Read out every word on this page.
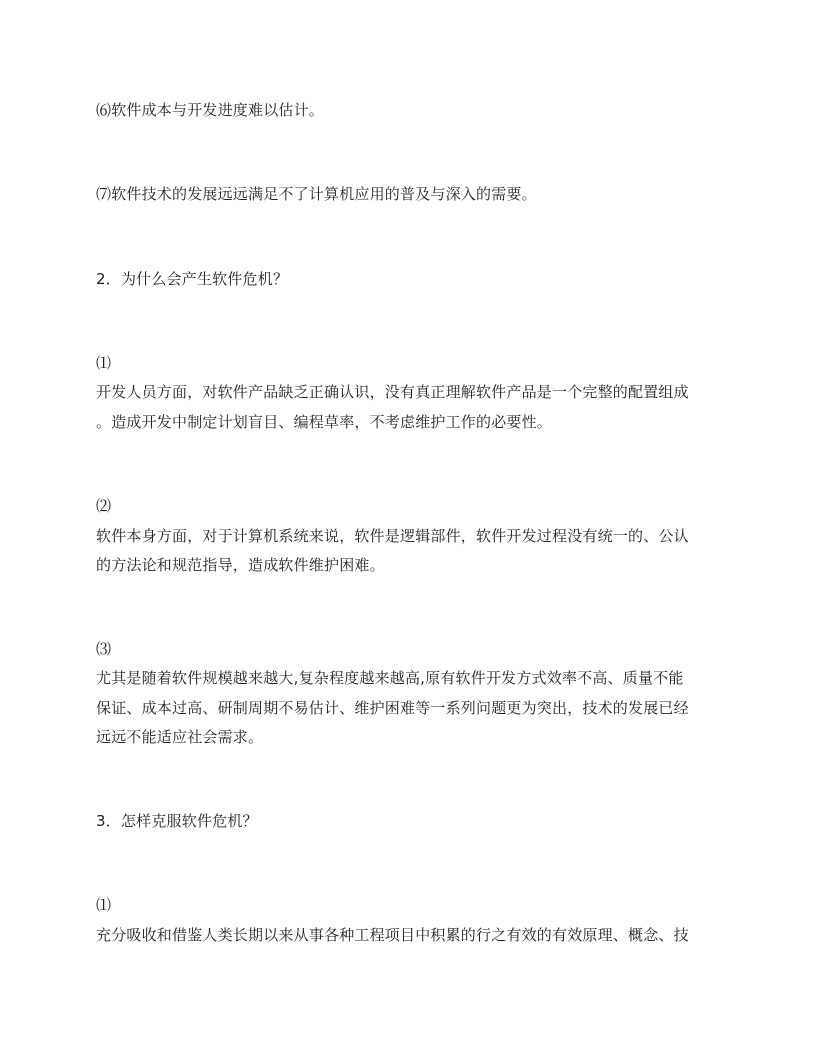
⑹软件成本与开发进度难以估计。
⑺软件技术的发展远远满足不了计算机应用的普及与深入的需要。
2．为什么会产生软件危机？
⑴
开发人员方面，对软件产品缺乏正确认识，没有真正理解软件产品是一个完整的配置组成
。造成开发中制定计划盲目、编程草率，不考虑维护工作的必要性。
⑵
软件本身方面，对于计算机系统来说，软件是逻辑部件，软件开发过程没有统一的、公认
的方法论和规范指导，造成软件维护困难。
⑶
尤其是随着软件规模越来越大,复杂程度越来越高,原有软件开发方式效率不高、质量不能
保证、成本过高、研制周期不易估计、维护困难等一系列问题更为突出，技术的发展已经
远远不能适应社会需求。
3．怎样克服软件危机？
⑴
充分吸收和借鉴人类长期以来从事各种工程项目中积累的行之有效的有效原理、概念、技
